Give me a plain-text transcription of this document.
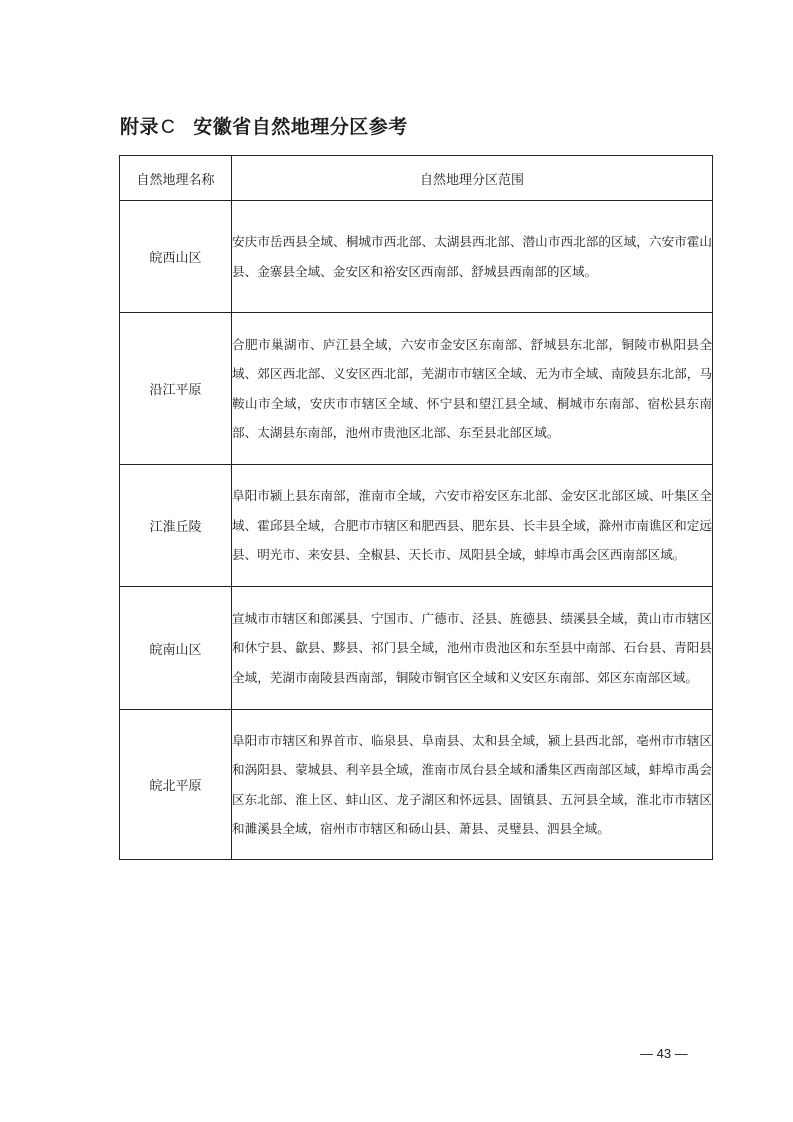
附录 C 安徽省自然地理分区参考
自然地理名称	自然地理分区范围
皖西山区	安庆市岳西县全域、桐城市西北部、太湖县西北部、潜山市西北部的区域，六安市霍山县、金寨县全域、金安区和裕安区西南部、舒城县西南部的区域。
沿江平原	合肥市巢湖市、庐江县全域，六安市金安区东南部、舒城县东北部，铜陵市枞阳县全域、郊区西北部、义安区西北部，芜湖市市辖区全域、无为市全域、南陵县东北部，马鞍山市全域，安庆市市辖区全域、怀宁县和望江县全域、桐城市东南部、宿松县东南部、太湖县东南部，池州市贵池区北部、东至县北部区域。
江淮丘陵	阜阳市颍上县东南部，淮南市全域，六安市裕安区东北部、金安区北部区域、叶集区全域、霍邱县全域，合肥市市辖区和肥西县、肥东县、长丰县全域，滁州市南谯区和定远县、明光市、来安县、全椒县、天长市、凤阳县全域，蚌埠市禹会区西南部区域。
皖南山区	宣城市市辖区和郎溪县、宁国市、广德市、泾县、旌德县、绩溪县全域，黄山市市辖区和休宁县、歙县、黟县、祁门县全域，池州市贵池区和东至县中南部、石台县、青阳县全域，芜湖市南陵县西南部，铜陵市铜官区全域和义安区东南部、郊区东南部区域。
皖北平原	阜阳市市辖区和界首市、临泉县、阜南县、太和县全域，颍上县西北部，亳州市市辖区和涡阳县、蒙城县、利辛县全域，淮南市凤台县全域和潘集区西南部区域，蚌埠市禹会区东北部、淮上区、蚌山区、龙子湖区和怀远县、固镇县、五河县全域，淮北市市辖区和濉溪县全域，宿州市市辖区和砀山县、萧县、灵璧县、泗县全域。
— 43 —
